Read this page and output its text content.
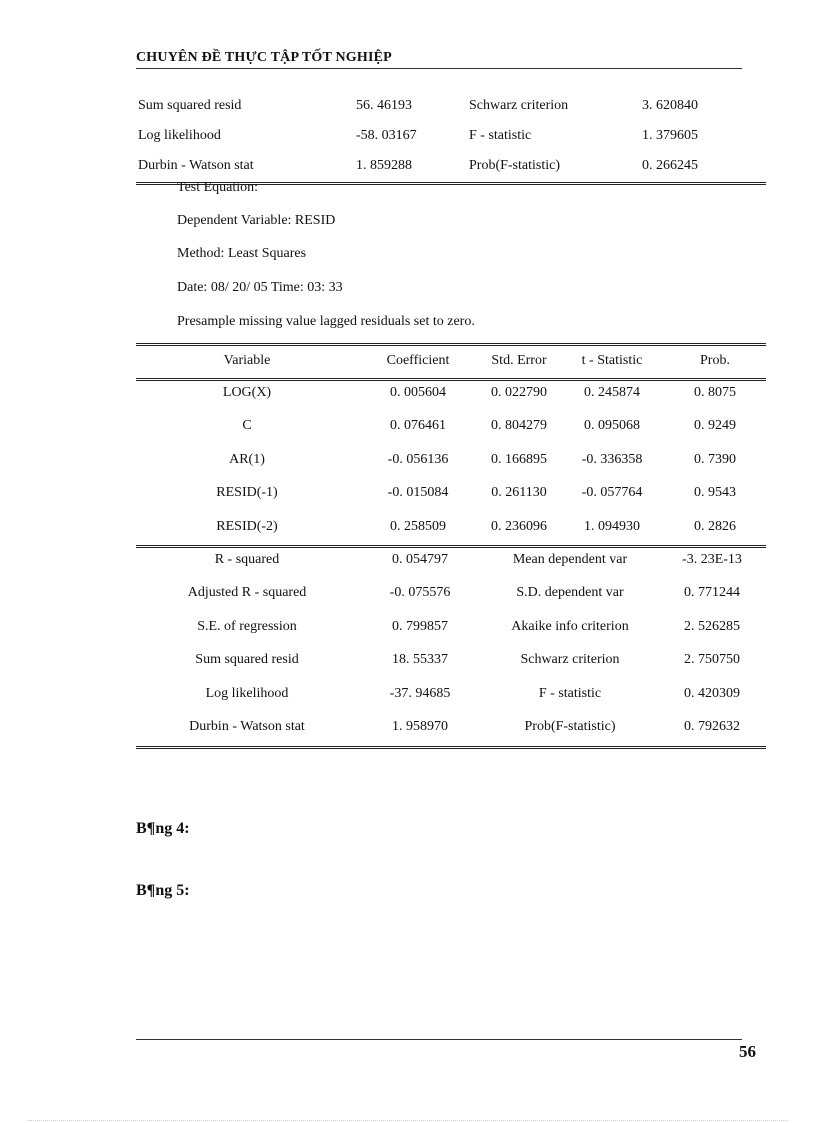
CHUYÊN ĐỀ THỰC TẬP TỐT NGHIỆP
Sum squared resid	56. 46193	Schwarz criterion	3. 620840
Log likelihood	-58. 03167	F - statistic	1. 379605
Durbin - Watson stat	1. 859288	Prob(F-statistic)	0. 266245
Test Equation:
Dependent Variable: RESID
Method: Least Squares
Date: 08/ 20/ 05 Time: 03: 33
Presample missing value lagged residuals set to zero.
Variable	Coefficient	Std. Error	t - Statistic	Prob.
LOG(X)	0. 005604	0. 022790	0. 245874	0. 8075
C	0. 076461	0. 804279	0. 095068	0. 9249
AR(1)	-0. 056136	0. 166895	-0. 336358	0. 7390
RESID(-1)	-0. 015084	0. 261130	-0. 057764	0. 9543
RESID(-2)	0. 258509	0. 236096	1. 094930	0. 2826
R - squared	0. 054797	Mean dependent var	-3. 23E-13
Adjusted R - squared	-0. 075576	S.D. dependent var	0. 771244
S.E. of regression	0. 799857	Akaike info criterion	2. 526285
Sum squared resid	18. 55337	Schwarz criterion	2. 750750
Log likelihood	-37. 94685	F - statistic	0. 420309
Durbin - Watson stat	1. 958970	Prob(F-statistic)	0. 792632
B¶ng 4:
B¶ng 5:
56
